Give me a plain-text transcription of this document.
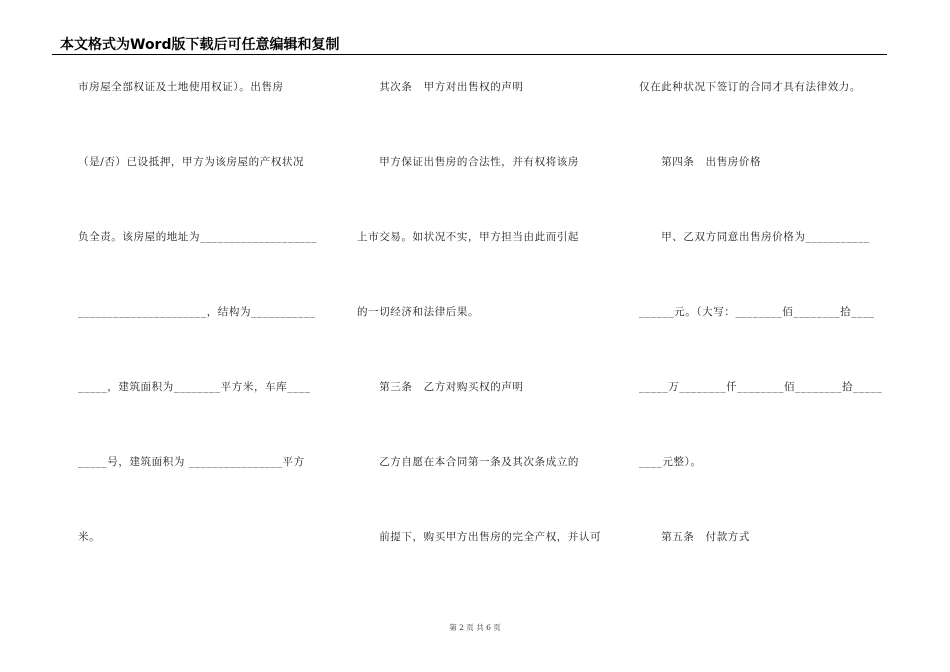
本文格式为Word版下载后可任意编辑和复制
市房屋全部权证及土地使用权证）。出售房
（是/否）已设抵押，甲方为该房屋的产权状况
负全责。该房屋的地址为____________________
______________________，结构为___________
_____，建筑面积为________平方米，车库____
_____号，建筑面积为 ________________平方
米。
　　其次条　甲方对出售权的声明
　　甲方保证出售房的合法性，并有权将该房
上市交易。如状况不实，甲方担当由此而引起
的一切经济和法律后果。
　　第三条　乙方对购买权的声明
　　乙方自愿在本合同第一条及其次条成立的
　　前提下，购买甲方出售房的完全产权，并认可
仅在此种状况下签订的合同才具有法律效力。
　　第四条　出售房价格
　　甲、乙双方同意出售房价格为___________
______元。（大写：________佰________拾____
_____万________仟________佰________拾_____
____元整）。
　　第五条　付款方式
第 2 页 共 6 页
